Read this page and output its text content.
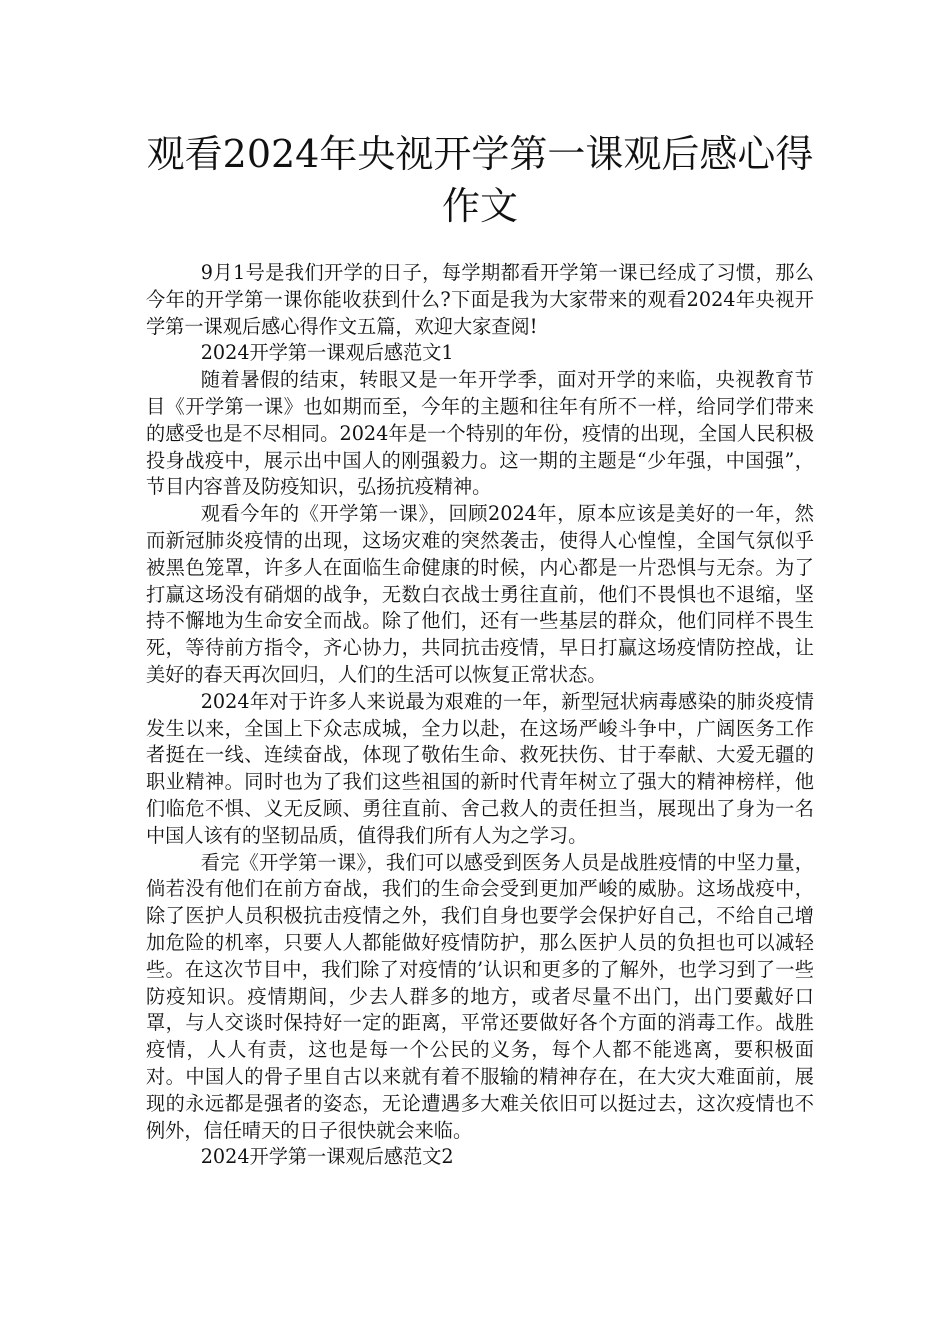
观看2024年央视开学第一课观后感心得作文

9月1号是我们开学的日子，每学期都看开学第一课已经成了习惯，那么今年的开学第一课你能收获到什么?下面是我为大家带来的观看2024年央视开学第一课观后感心得作文五篇，欢迎大家查阅!

2024开学第一课观后感范文1

随着暑假的结束，转眼又是一年开学季，面对开学的来临，央视教育节目《开学第一课》也如期而至，今年的主题和往年有所不一样，给同学们带来的感受也是不尽相同。2024年是一个特别的年份，疫情的出现，全国人民积极投身战疫中，展示出中国人的刚强毅力。这一期的主题是“少年强，中国强”，节目内容普及防疫知识，弘扬抗疫精神。

观看今年的《开学第一课》，回顾2024年，原本应该是美好的一年，然而新冠肺炎疫情的出现，这场灾难的突然袭击，使得人心惶惶，全国气氛似乎被黑色笼罩，许多人在面临生命健康的时候，内心都是一片恐惧与无奈。为了打赢这场没有硝烟的战争，无数白衣战士勇往直前，他们不畏惧也不退缩，坚持不懈地为生命安全而战。除了他们，还有一些基层的群众，他们同样不畏生死，等待前方指令，齐心协力，共同抗击疫情，早日打赢这场疫情防控战，让美好的春天再次回归，人们的生活可以恢复正常状态。

2024年对于许多人来说最为艰难的一年，新型冠状病毒感染的肺炎疫情发生以来，全国上下众志成城，全力以赴，在这场严峻斗争中，广阔医务工作者挺在一线、连续奋战，体现了敬佑生命、救死扶伤、甘于奉献、大爱无疆的职业精神。同时也为了我们这些祖国的新时代青年树立了强大的精神榜样，他们临危不惧、义无反顾、勇往直前、舍己救人的责任担当，展现出了身为一名中国人该有的坚韧品质，值得我们所有人为之学习。

看完《开学第一课》，我们可以感受到医务人员是战胜疫情的中坚力量，倘若没有他们在前方奋战，我们的生命会受到更加严峻的威胁。这场战疫中，除了医护人员积极抗击疫情之外，我们自身也要学会保护好自己，不给自己增加危险的机率，只要人人都能做好疫情防护，那么医护人员的负担也可以减轻些。在这次节目中，我们除了对疫情的’认识和更多的了解外，也学习到了一些防疫知识。疫情期间，少去人群多的地方，或者尽量不出门，出门要戴好口罩，与人交谈时保持好一定的距离，平常还要做好各个方面的消毒工作。战胜疫情，人人有责，这也是每一个公民的义务，每个人都不能逃离，要积极面对。中国人的骨子里自古以来就有着不服输的精神存在，在大灾大难面前，展现的永远都是强者的姿态，无论遭遇多大难关依旧可以挺过去，这次疫情也不例外，信任晴天的日子很快就会来临。

2024开学第一课观后感范文2
